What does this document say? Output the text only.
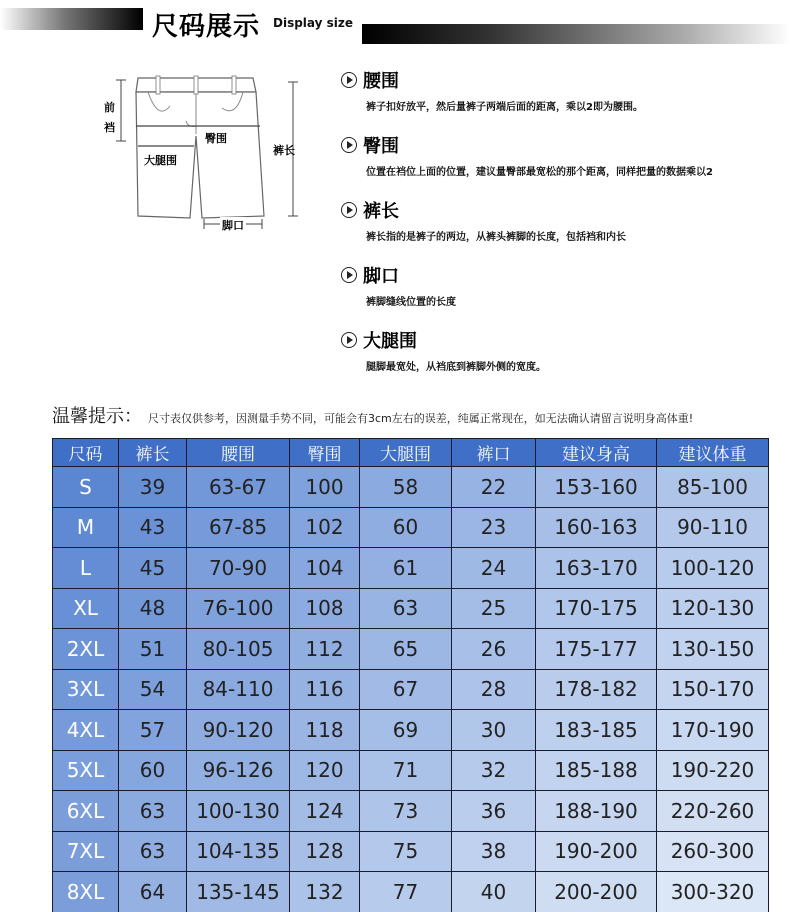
尺码展示 Display size
前
裆
臀围
大腿围
裤长
脚口
腰围
裤子扣好放平，然后量裤子两端后面的距离，乘以2即为腰围。
臀围
位置在裆位上面的位置，建议量臀部最宽松的那个距离，同样把量的数据乘以2
裤长
裤长指的是裤子的两边，从裤头裤脚的长度，包括裆和内长
脚口
裤脚缝线位置的长度
大腿围
腿脚最宽处，从裆底到裤脚外侧的宽度。
温馨提示： 尺寸表仅供参考，因测量手势不同，可能会有3cm左右的误差，纯属正常现在，如无法确认请留言说明身高体重!
尺码	裤长	腰围	臀围	大腿围	裤口	建议身高	建议体重
S	39	63-67	100	58	22	153-160	85-100
M	43	67-85	102	60	23	160-163	90-110
L	45	70-90	104	61	24	163-170	100-120
XL	48	76-100	108	63	25	170-175	120-130
2XL	51	80-105	112	65	26	175-177	130-150
3XL	54	84-110	116	67	28	178-182	150-170
4XL	57	90-120	118	69	30	183-185	170-190
5XL	60	96-126	120	71	32	185-188	190-220
6XL	63	100-130	124	73	36	188-190	220-260
7XL	63	104-135	128	75	38	190-200	260-300
8XL	64	135-145	132	77	40	200-200	300-320
